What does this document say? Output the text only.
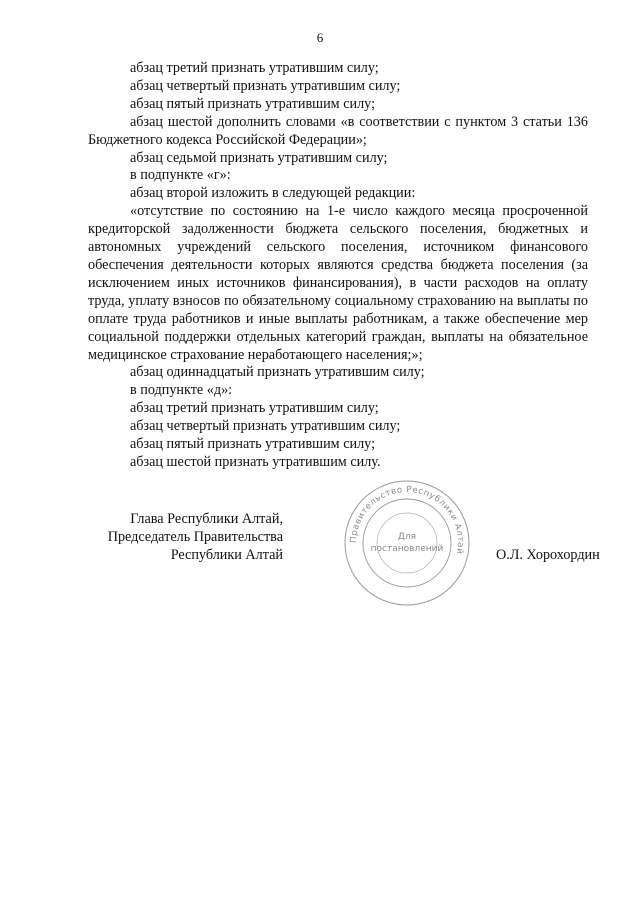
6

абзац третий признать утратившим силу;

абзац четвертый признать утратившим силу;

абзац пятый признать утратившим силу;

абзац шестой дополнить словами «в соответствии с пунктом 3 статьи 136 Бюджетного кодекса Российской Федерации»;

абзац седьмой признать утратившим силу;

в подпункте «г»:

абзац второй изложить в следующей редакции:

«отсутствие по состоянию на 1-е число каждого месяца просроченной кредиторской задолженности бюджета сельского поселения, бюджетных и автономных учреждений сельского поселения, источником финансового обеспечения деятельности которых являются средства бюджета поселения (за исключением иных источников финансирования), в части расходов на оплату труда, уплату взносов по обязательному социальному страхованию на выплаты по оплате труда работников и иные выплаты работникам, а также обеспечение мер социальной поддержки отдельных категорий граждан, выплаты на обязательное медицинское страхование неработающего населения;»;

абзац одиннадцатый признать утратившим силу;

в подпункте «д»:

абзац третий признать утратившим силу;

абзац четвертый признать утратившим силу;

абзац пятый признать утратившим силу;

абзац шестой признать утратившим силу.

Глава Республики Алтай,

Председатель Правительства

Республики Алтай

Правительство Республики Алтай
Для
постановлений	О.Л. Хорохордин
